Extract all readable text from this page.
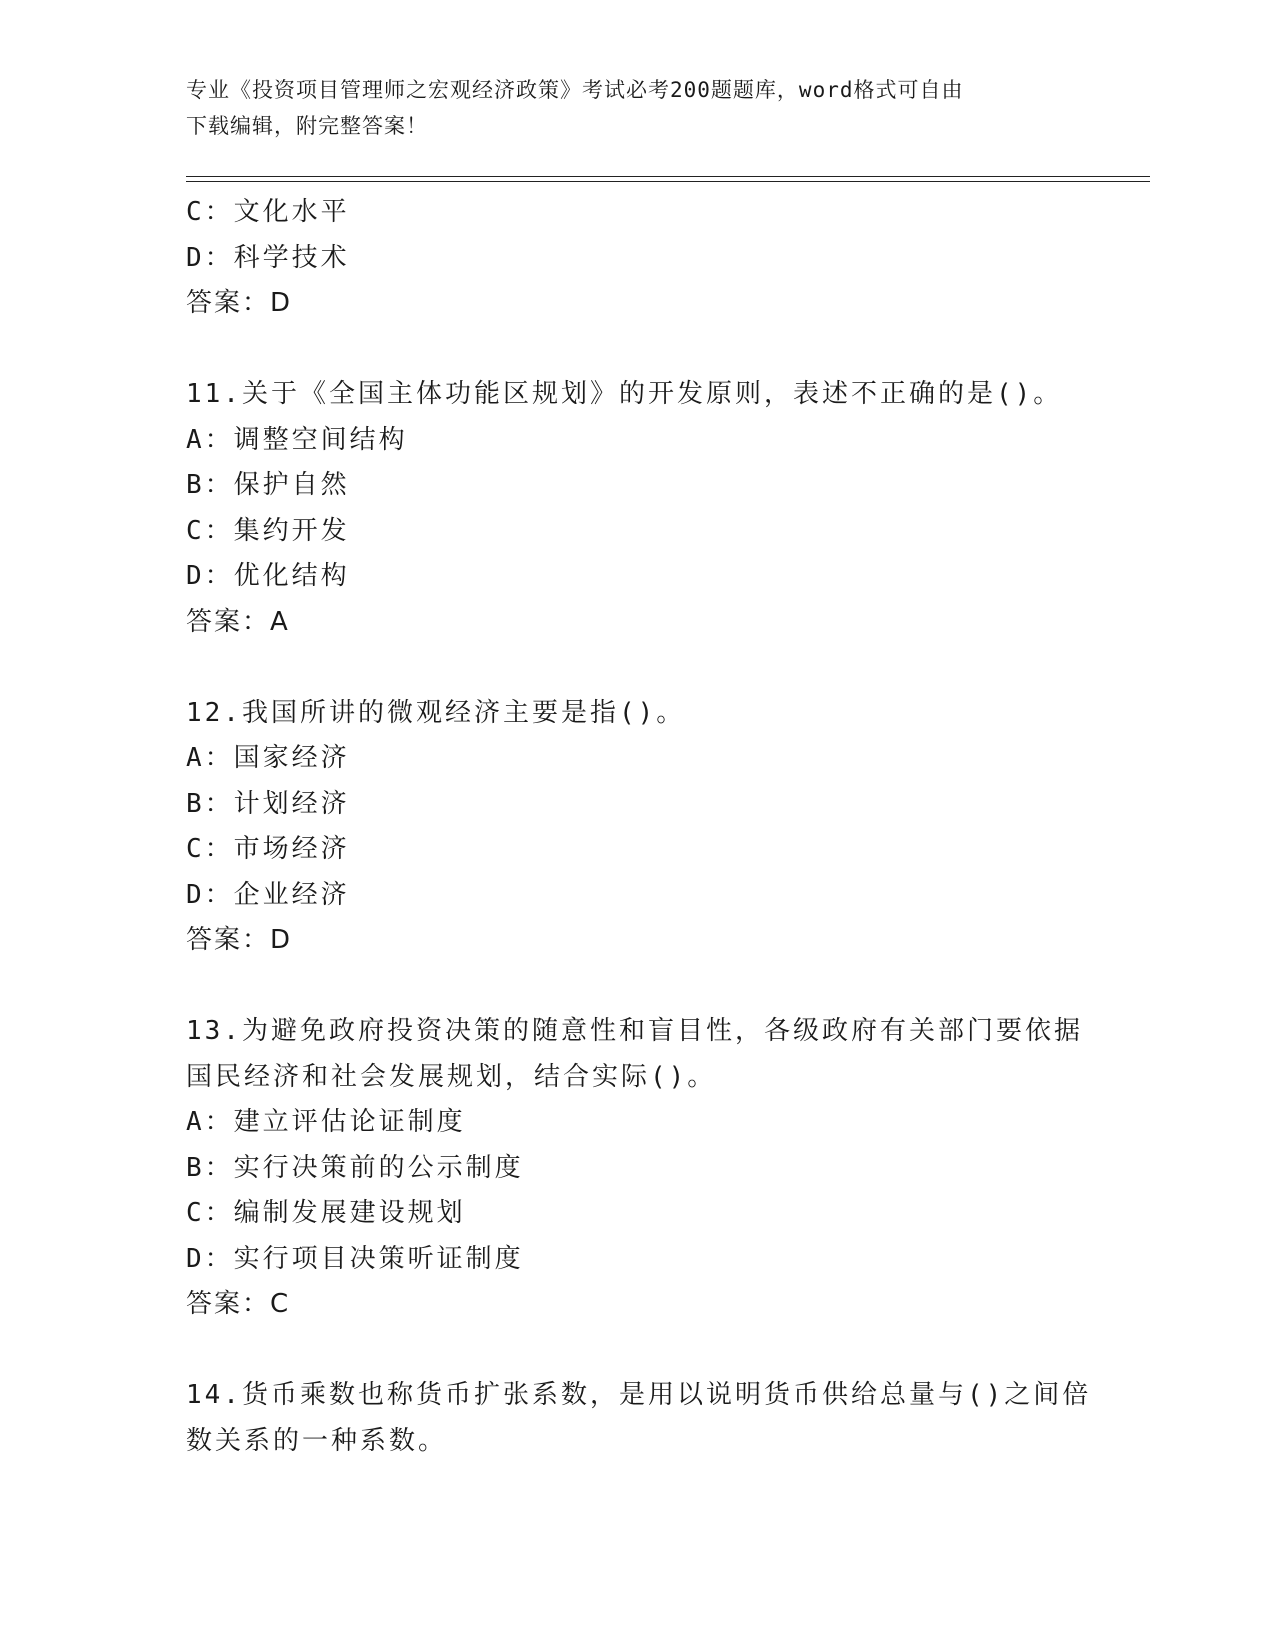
专业《投资项目管理师之宏观经济政策》考试必考200题题库，word格式可自由

下载编辑，附完整答案！

C：文化水平

D：科学技术

答案：D

11.关于《全国主体功能区规划》的开发原则，表述不正确的是()。

A：调整空间结构

B：保护自然

C：集约开发

D：优化结构

答案：A

12.我国所讲的微观经济主要是指()。

A：国家经济

B：计划经济

C：市场经济

D：企业经济

答案：D

13.为避免政府投资决策的随意性和盲目性，各级政府有关部门要依据
国民经济和社会发展规划，结合实际()。

A：建立评估论证制度

B：实行决策前的公示制度

C：编制发展建设规划

D：实行项目决策听证制度

答案：C

14.货币乘数也称货币扩张系数，是用以说明货币供给总量与()之间倍
数关系的一种系数。
